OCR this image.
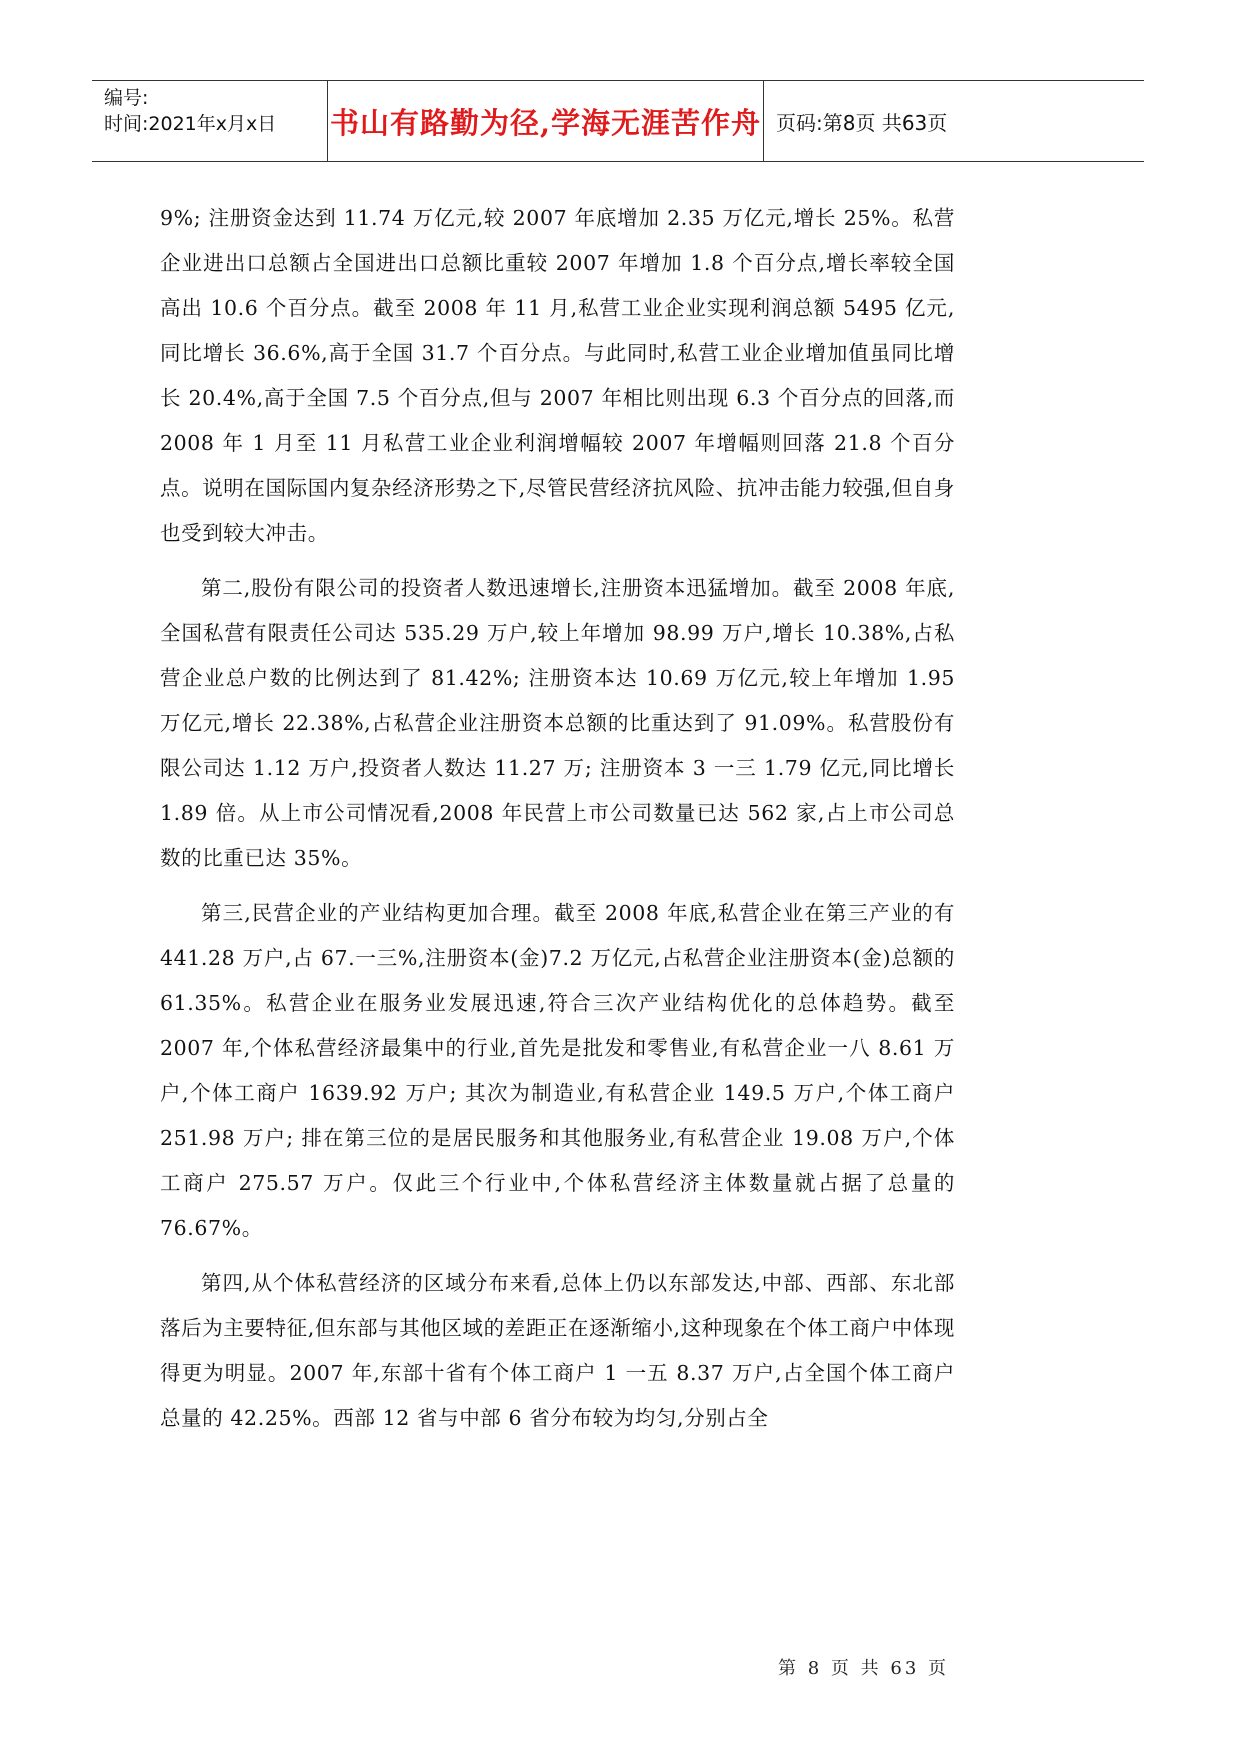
编号:
时间:2021年x月x日	书山有路勤为径,学海无涯苦作舟 页码:第8页 共63页

9%; 注册资金达到 11.74 万亿元,较 2007 年底增加 2.35 万亿元,增长 25%。私营企业进出口总额占全国进出口总额比重较 2007 年增加 1.8 个百分点,增长率较全国高出 10.6 个百分点。截至 2008 年 11 月,私营工业企业实现利润总额 5495 亿元,同比增长 36.6%,高于全国 31.7 个百分点。与此同时,私营工业企业增加值虽同比增长 20.4%,高于全国 7.5 个百分点,但与 2007 年相比则出现 6.3 个百分点的回落,而 2008 年 1 月至 11 月私营工业企业利润增幅较 2007 年增幅则回落 21.8 个百分点。说明在国际国内复杂经济形势之下,尽管民营经济抗风险、抗冲击能力较强,但自身也受到较大冲击。

第二,股份有限公司的投资者人数迅速增长,注册资本迅猛增加。截至 2008 年底,全国私营有限责任公司达 535.29 万户,较上年增加 98.99 万户,增长 10.38%,占私营企业总户数的比例达到了 81.42%; 注册资本达 10.69 万亿元,较上年增加 1.95 万亿元,增长 22.38%,占私营企业注册资本总额的比重达到了 91.09%。私营股份有限公司达 1.12 万户,投资者人数达 11.27 万; 注册资本 3 一三 1.79 亿元,同比增长 1.89 倍。从上市公司情况看,2008 年民营上市公司数量已达 562 家,占上市公司总数的比重已达 35%。

第三,民营企业的产业结构更加合理。截至 2008 年底,私营企业在第三产业的有 441.28 万户,占 67.一三%,注册资本(金)7.2 万亿元,占私营企业注册资本(金)总额的 61.35%。私营企业在服务业发展迅速,符合三次产业结构优化的总体趋势。截至 2007 年,个体私营经济最集中的行业,首先是批发和零售业,有私营企业一八 8.61 万户,个体工商户 1639.92 万户; 其次为制造业,有私营企业 149.5 万户,个体工商户 251.98 万户; 排在第三位的是居民服务和其他服务业,有私营企业 19.08 万户,个体工商户 275.57 万户。仅此三个行业中,个体私营经济主体数量就占据了总量的 76.67%。

第四,从个体私营经济的区域分布来看,总体上仍以东部发达,中部、西部、东北部落后为主要特征,但东部与其他区域的差距正在逐渐缩小,这种现象在个体工商户中体现得更为明显。2007 年,东部十省有个体工商户 1 一五 8.37 万户,占全国个体工商户总量的 42.25%。西部 12 省与中部 6 省分布较为均匀,分别占全

第 8 页 共 63 页
